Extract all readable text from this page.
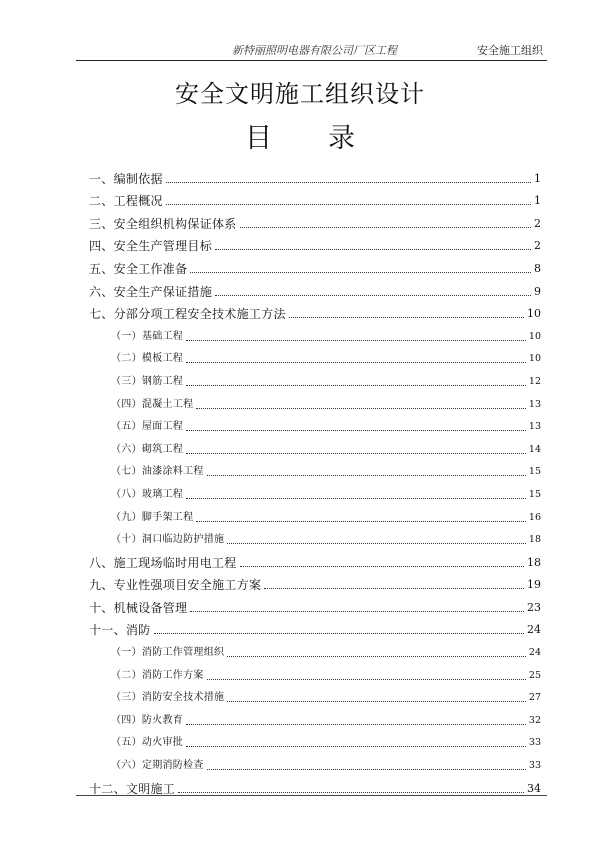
新特丽照明电器有限公司厂区工程	安全施工组织
安全文明施工组织设计
目 录
一、编制依据	1
二、工程概况	1
三、安全组织机构保证体系	2
四、安全生产管理目标	2
五、安全工作准备	8
六、安全生产保证措施	9
七、分部分项工程安全技术施工方法	10
（一）基础工程	10
（二）模板工程	10
（三）钢筋工程	12
（四）混凝土工程	13
（五）屋面工程	13
（六）砌筑工程	14
（七）油漆涂料工程	15
（八）玻璃工程	15
（九）脚手架工程	16
（十）洞口临边防护措施	18
八、施工现场临时用电工程	18
九、专业性强项目安全施工方案	19
十、机械设备管理	23
十一、消防	24
（一）消防工作管理组织	24
（二）消防工作方案	25
（三）消防安全技术措施	27
（四）防火教育	32
（五）动火审批	33
（六）定期消防检查	33
十二、文明施工	34
